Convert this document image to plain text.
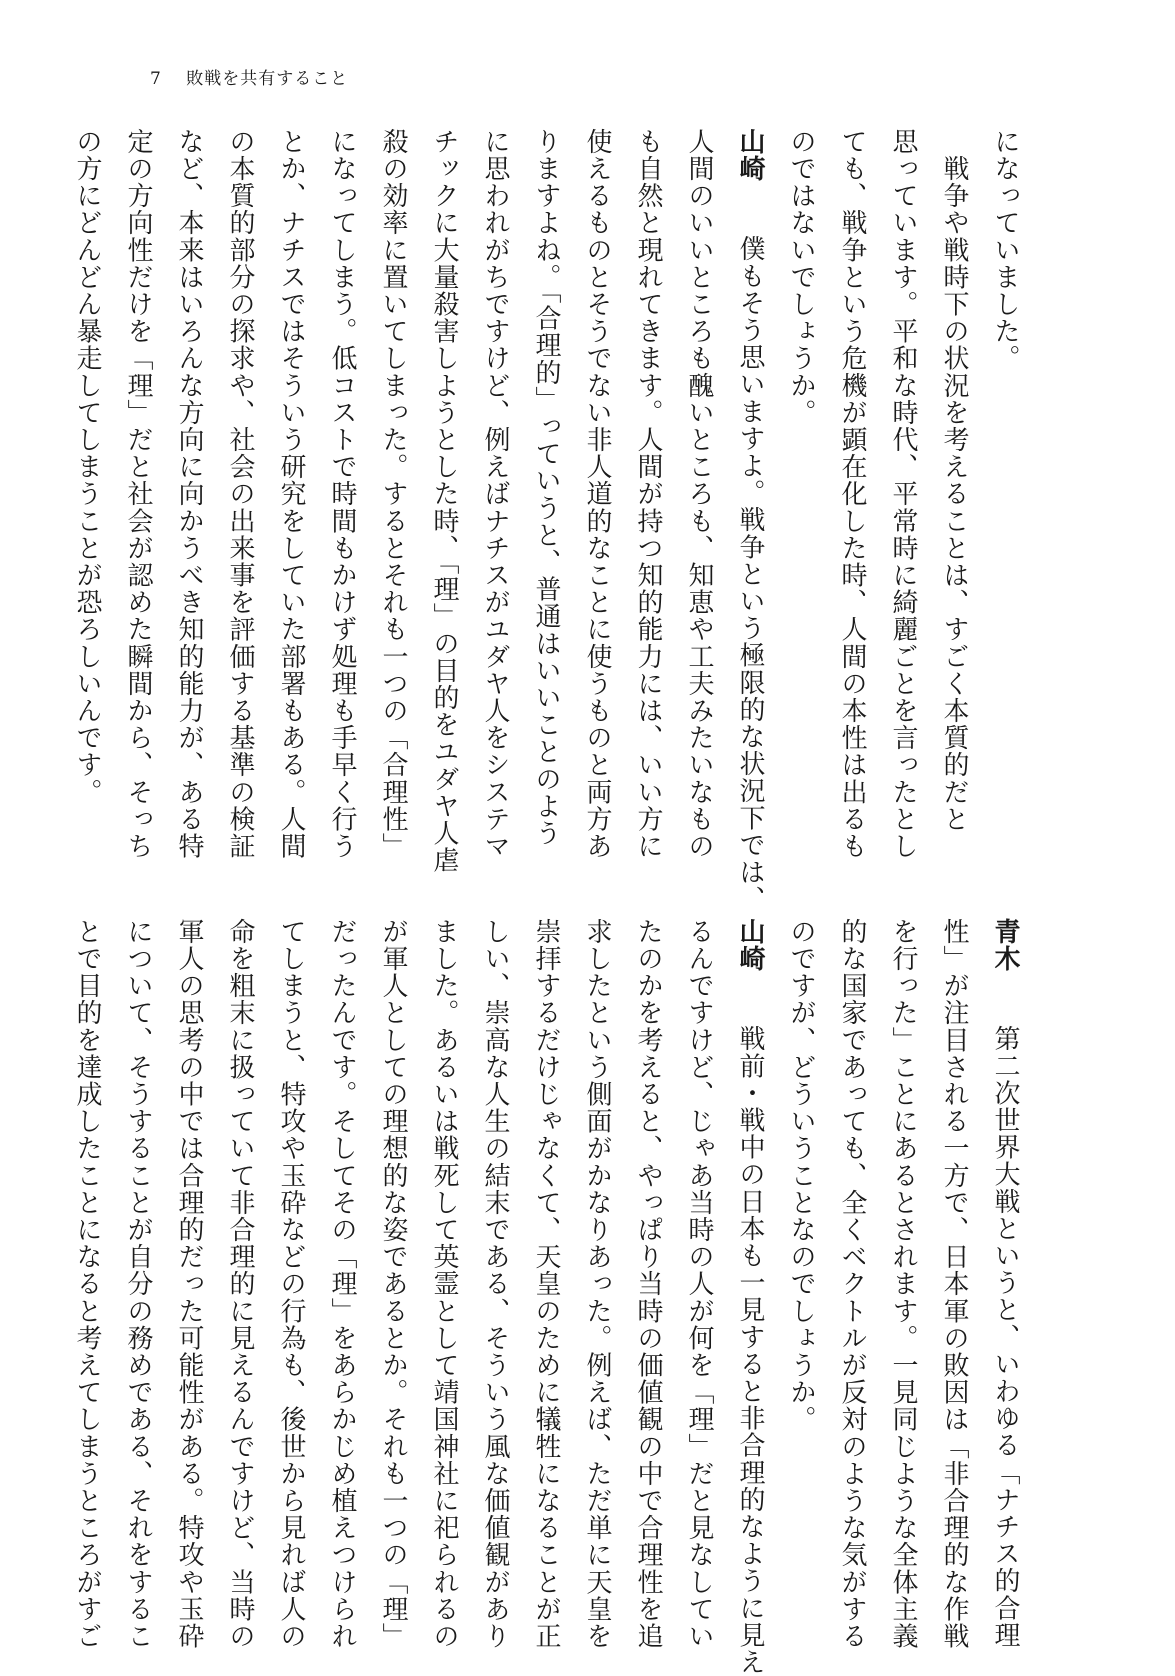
7 敗戦を共有すること
になっていました。
　戦争や戦時下の状況を考えることは、すごく本質的だと
思っています。平和な時代、平常時に綺麗ごとを言ったとし
ても、戦争という危機が顕在化した時、人間の本性は出るも
のではないでしょうか。
山崎　僕もそう思いますよ。戦争という極限的な状況下では、
人間のいいところも醜いところも、知恵や工夫みたいなもの
も自然と現れてきます。人間が持つ知的能力には、いい方に
使えるものとそうでない非人道的なことに使うものと両方あ
りますよね。「合理的」っていうと、普通はいいことのよう
に思われがちですけど、例えばナチスがユダヤ人をシステマ
チックに大量殺害しようとした時、「理」の目的をユダヤ人虐
殺の効率に置いてしまった。するとそれも一つの「合理性」
になってしまう。低コストで時間もかけず処理も手早く行う
とか、ナチスではそういう研究をしていた部署もある。人間
の本質的部分の探求や、社会の出来事を評価する基準の検証
など、本来はいろんな方向に向かうべき知的能力が、ある特
定の方向性だけを「理」だと社会が認めた瞬間から、そっち
の方にどんどん暴走してしまうことが恐ろしいんです。
青木　第二次世界大戦というと、いわゆる「ナチス的合理
性」が注目される一方で、日本軍の敗因は「非合理的な作戦
を行った」ことにあるとされます。一見同じような全体主義
的な国家であっても、全くベクトルが反対のような気がする
のですが、どういうことなのでしょうか。
山崎　戦前・戦中の日本も一見すると非合理的なように見え
るんですけど、じゃあ当時の人が何を「理」だと見なしてい
たのかを考えると、やっぱり当時の価値観の中で合理性を追
求したという側面がかなりあった。例えば、ただ単に天皇を
崇拝するだけじゃなくて、天皇のために犠牲になることが正
しい、崇高な人生の結末である、そういう風な価値観があり
ました。あるいは戦死して英霊として靖国神社に祀られるの
が軍人としての理想的な姿であるとか。それも一つの「理」
だったんです。そしてその「理」をあらかじめ植えつけられ
てしまうと、特攻や玉砕などの行為も、後世から見れば人の
命を粗末に扱っていて非合理的に見えるんですけど、当時の
軍人の思考の中では合理的だった可能性がある。特攻や玉砕
について、そうすることが自分の務めである、それをするこ
とで目的を達成したことになると考えてしまうところがすご
